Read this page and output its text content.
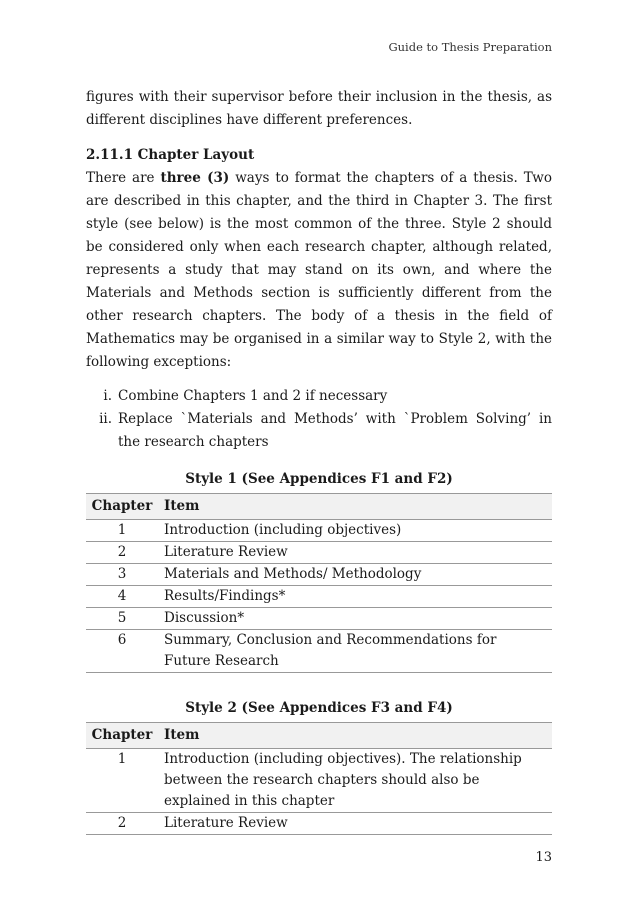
Guide to Thesis Preparation

figures with their supervisor before their inclusion in the thesis, as different disciplines have different preferences.

2.11.1 Chapter Layout

There are three (3) ways to format the chapters of a thesis. Two are described in this chapter, and the third in Chapter 3. The first style (see below) is the most common of the three. Style 2 should be considered only when each research chapter, although related, represents a study that may stand on its own, and where the Materials and Methods section is sufficiently different from the other research chapters. The body of a thesis in the field of Mathematics may be organised in a similar way to Style 2, with the following exceptions:

i. Combine Chapters 1 and 2 if necessary
ii. Replace `Materials and Methods’ with `Problem Solving’ in the research chapters
Style 1 (See Appendices F1 and F2)
Chapter	Item
1	Introduction (including objectives)
2	Literature Review
3	Materials and Methods/ Methodology
4	Results/Findings*
5	Discussion*
6	Summary, Conclusion and Recommendations for Future Research
Style 2 (See Appendices F3 and F4)
Chapter	Item
1	Introduction (including objectives). The relationship between the research chapters should also be explained in this chapter
2	Literature Review
13
